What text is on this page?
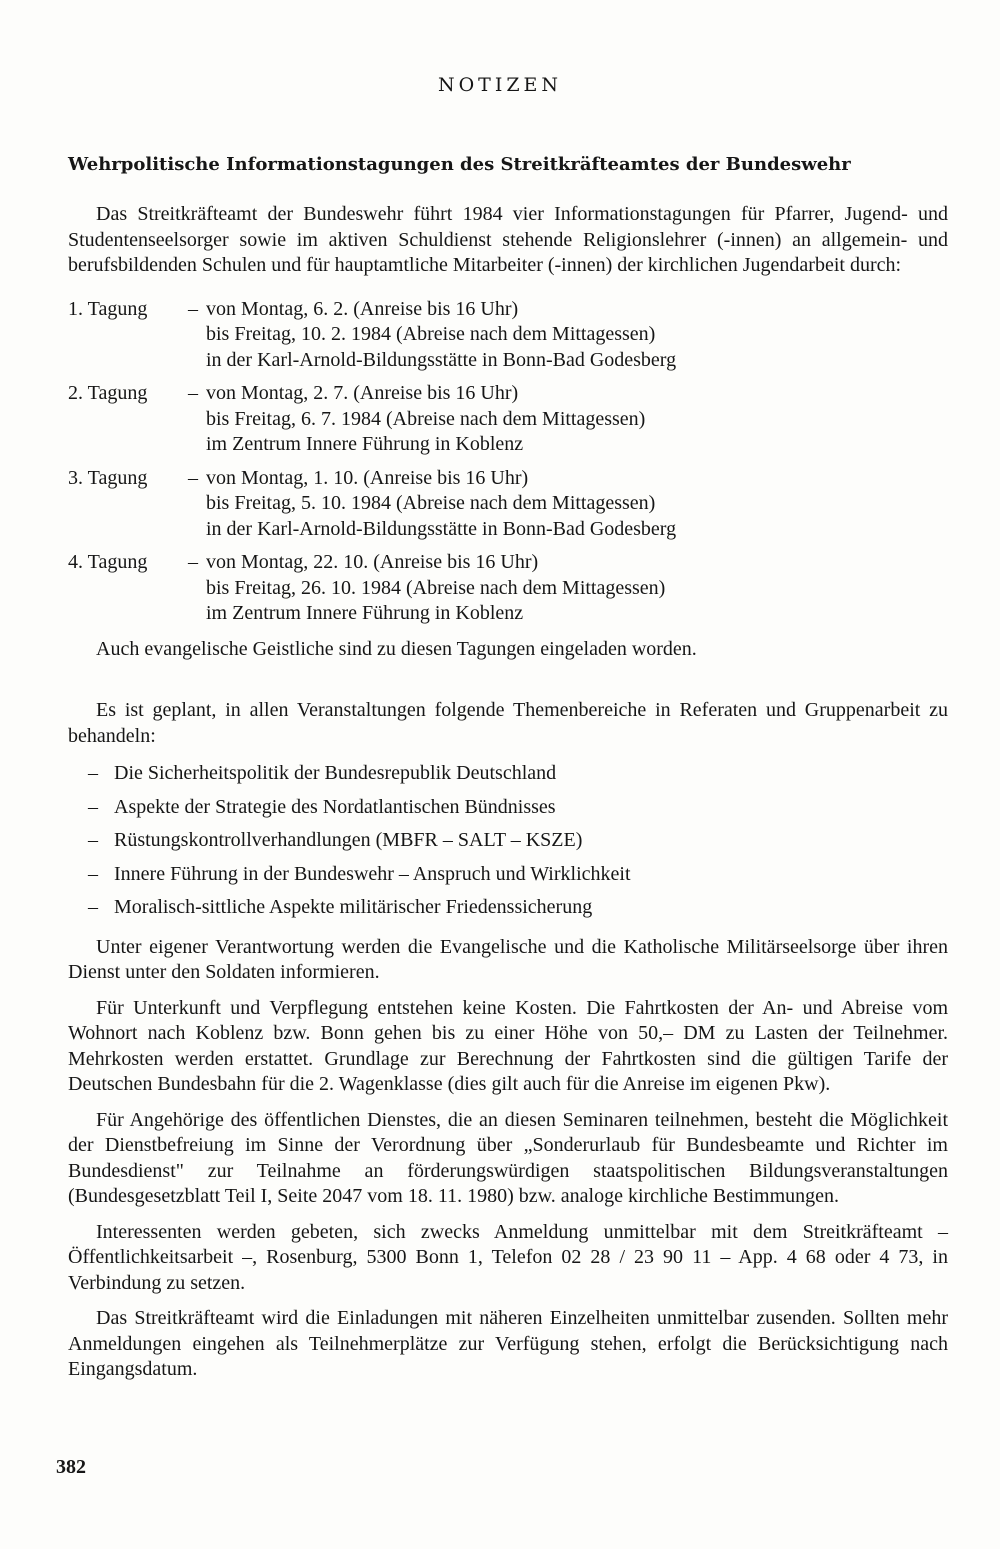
NOTIZEN
Wehrpolitische Informationstagungen des Streitkräfteamtes der Bundeswehr

Das Streitkräfteamt der Bundeswehr führt 1984 vier Informationstagungen für Pfarrer, Jugend- und Studentenseelsorger sowie im aktiven Schuldienst stehende Religionslehrer (-innen) an allgemein- und berufsbildenden Schulen und für hauptamtliche Mitarbeiter (-innen) der kirchlichen Jugendarbeit durch:

1. Tagung	– von Montag, 6. 2. (Anreise bis 16 Uhr)
bis Freitag, 10. 2. 1984 (Abreise nach dem Mittagessen)
in der Karl-Arnold-Bildungsstätte in Bonn-Bad Godesberg
2. Tagung	– von Montag, 2. 7. (Anreise bis 16 Uhr)
bis Freitag, 6. 7. 1984 (Abreise nach dem Mittagessen)
im Zentrum Innere Führung in Koblenz
3. Tagung	– von Montag, 1. 10. (Anreise bis 16 Uhr)
bis Freitag, 5. 10. 1984 (Abreise nach dem Mittagessen)
in der Karl-Arnold-Bildungsstätte in Bonn-Bad Godesberg
4. Tagung	– von Montag, 22. 10. (Anreise bis 16 Uhr)
bis Freitag, 26. 10. 1984 (Abreise nach dem Mittagessen)
im Zentrum Innere Führung in Koblenz

Auch evangelische Geistliche sind zu diesen Tagungen eingeladen worden.

Es ist geplant, in allen Veranstaltungen folgende Themenbereiche in Referaten und Gruppenarbeit zu behandeln:

– Die Sicherheitspolitik der Bundesrepublik Deutschland
– Aspekte der Strategie des Nordatlantischen Bündnisses
– Rüstungskontrollverhandlungen (MBFR – SALT – KSZE)
– Innere Führung in der Bundeswehr – Anspruch und Wirklichkeit
– Moralisch-sittliche Aspekte militärischer Friedenssicherung

Unter eigener Verantwortung werden die Evangelische und die Katholische Militärseelsorge über ihren Dienst unter den Soldaten informieren.

Für Unterkunft und Verpflegung entstehen keine Kosten. Die Fahrtkosten der An- und Abreise vom Wohnort nach Koblenz bzw. Bonn gehen bis zu einer Höhe von 50,– DM zu Lasten der Teilnehmer. Mehrkosten werden erstattet. Grundlage zur Berechnung der Fahrtkosten sind die gültigen Tarife der Deutschen Bundesbahn für die 2. Wagenklasse (dies gilt auch für die Anreise im eigenen Pkw).

Für Angehörige des öffentlichen Dienstes, die an diesen Seminaren teilnehmen, besteht die Möglichkeit der Dienstbefreiung im Sinne der Verordnung über „Sonderurlaub für Bundesbeamte und Richter im Bundesdienst" zur Teilnahme an förderungswürdigen staatspolitischen Bildungsveranstaltungen (Bundesgesetzblatt Teil I, Seite 2047 vom 18. 11. 1980) bzw. analoge kirchliche Bestimmungen.

Interessenten werden gebeten, sich zwecks Anmeldung unmittelbar mit dem Streitkräfteamt – Öffentlichkeitsarbeit –, Rosenburg, 5300 Bonn 1, Telefon 02 28 / 23 90 11 – App. 4 68 oder 4 73, in Verbindung zu setzen.

Das Streitkräfteamt wird die Einladungen mit näheren Einzelheiten unmittelbar zusenden. Sollten mehr Anmeldungen eingehen als Teilnehmerplätze zur Verfügung stehen, erfolgt die Berücksichtigung nach Eingangsdatum.

382
